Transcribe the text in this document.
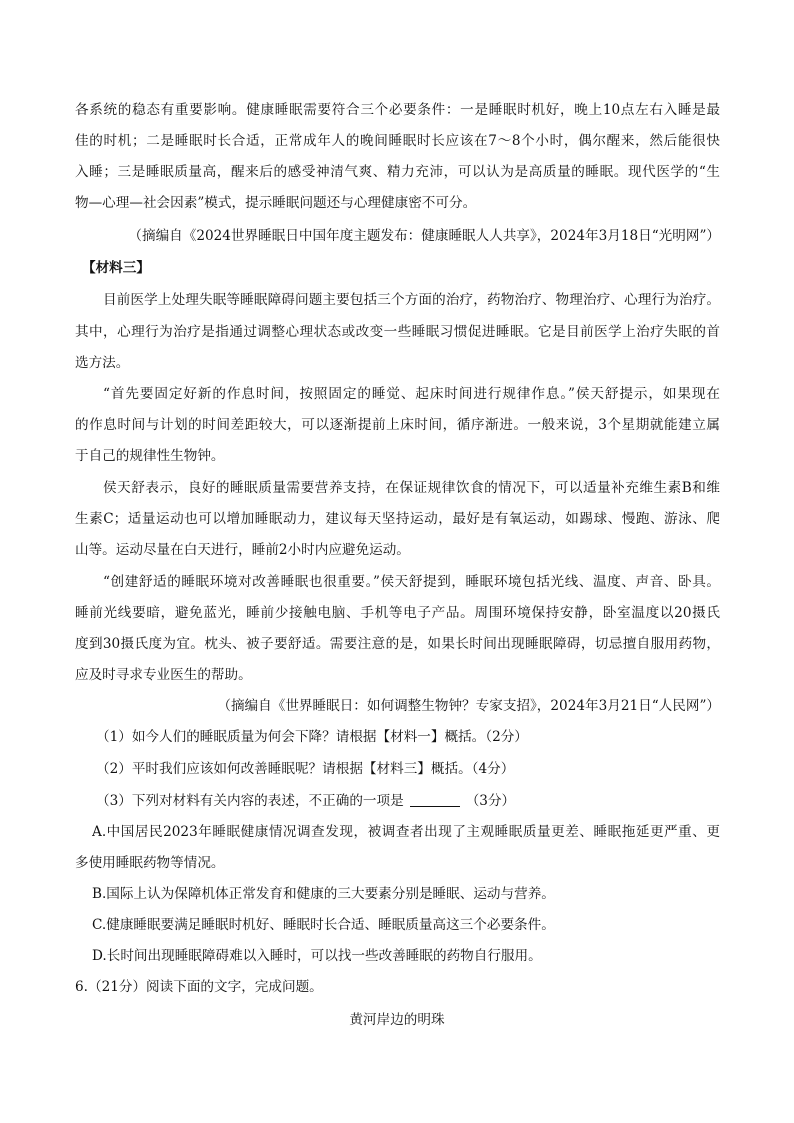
各系统的稳态有重要影响。健康睡眠需要符合三个必要条件：一是睡眠时机好，晚上10点左右入睡是最
佳的时机；二是睡眠时长合适，正常成年人的晚间睡眠时长应该在7～8个小时，偶尔醒来，然后能很快
入睡；三是睡眠质量高，醒来后的感受神清气爽、精力充沛，可以认为是高质量的睡眠。现代医学的“生
物—心理—社会因素”模式，提示睡眠问题还与心理健康密不可分。
（摘编自《2024世界睡眠日中国年度主题发布：健康睡眠人人共享》，2024年3月18日“光明网”）
【材料三】
目前医学上处理失眠等睡眠障碍问题主要包括三个方面的治疗，药物治疗、物理治疗、心理行为治疗。
其中，心理行为治疗是指通过调整心理状态或改变一些睡眠习惯促进睡眠。它是目前医学上治疗失眠的首
选方法。
“首先要固定好新的作息时间，按照固定的睡觉、起床时间进行规律作息。”侯天舒提示，如果现在
的作息时间与计划的时间差距较大，可以逐渐提前上床时间，循序渐进。一般来说，3个星期就能建立属
于自己的规律性生物钟。
侯天舒表示，良好的睡眠质量需要营养支持，在保证规律饮食的情况下，可以适量补充维生素B和维
生素C；适量运动也可以增加睡眠动力，建议每天坚持运动，最好是有氧运动，如踢球、慢跑、游泳、爬
山等。运动尽量在白天进行，睡前2小时内应避免运动。
“创建舒适的睡眠环境对改善睡眠也很重要。”侯天舒提到，睡眠环境包括光线、温度、声音、卧具。
睡前光线要暗，避免蓝光，睡前少接触电脑、手机等电子产品。周围环境保持安静，卧室温度以20摄氏
度到30摄氏度为宜。枕头、被子要舒适。需要注意的是，如果长时间出现睡眠障碍，切忌擅自服用药物，
应及时寻求专业医生的帮助。
（摘编自《世界睡眠日：如何调整生物钟？专家支招》，2024年3月21日“人民网”）
（1）如今人们的睡眠质量为何会下降？请根据【材料一】概括。（2分）
（2）平时我们应该如何改善睡眠呢？请根据【材料三】概括。（4分）
（3）下列对材料有关内容的表述，不正确的一项是	（3分）
A.中国居民2023年睡眠健康情况调查发现，被调查者出现了主观睡眠质量更差、睡眠拖延更严重、更
多使用睡眠药物等情况。
B.国际上认为保障机体正常发育和健康的三大要素分别是睡眠、运动与营养。
C.健康睡眠要满足睡眠时机好、睡眠时长合适、睡眠质量高这三个必要条件。
D.长时间出现睡眠障碍难以入睡时，可以找一些改善睡眠的药物自行服用。
6.（21分）阅读下面的文字，完成问题。
黄河岸边的明珠
